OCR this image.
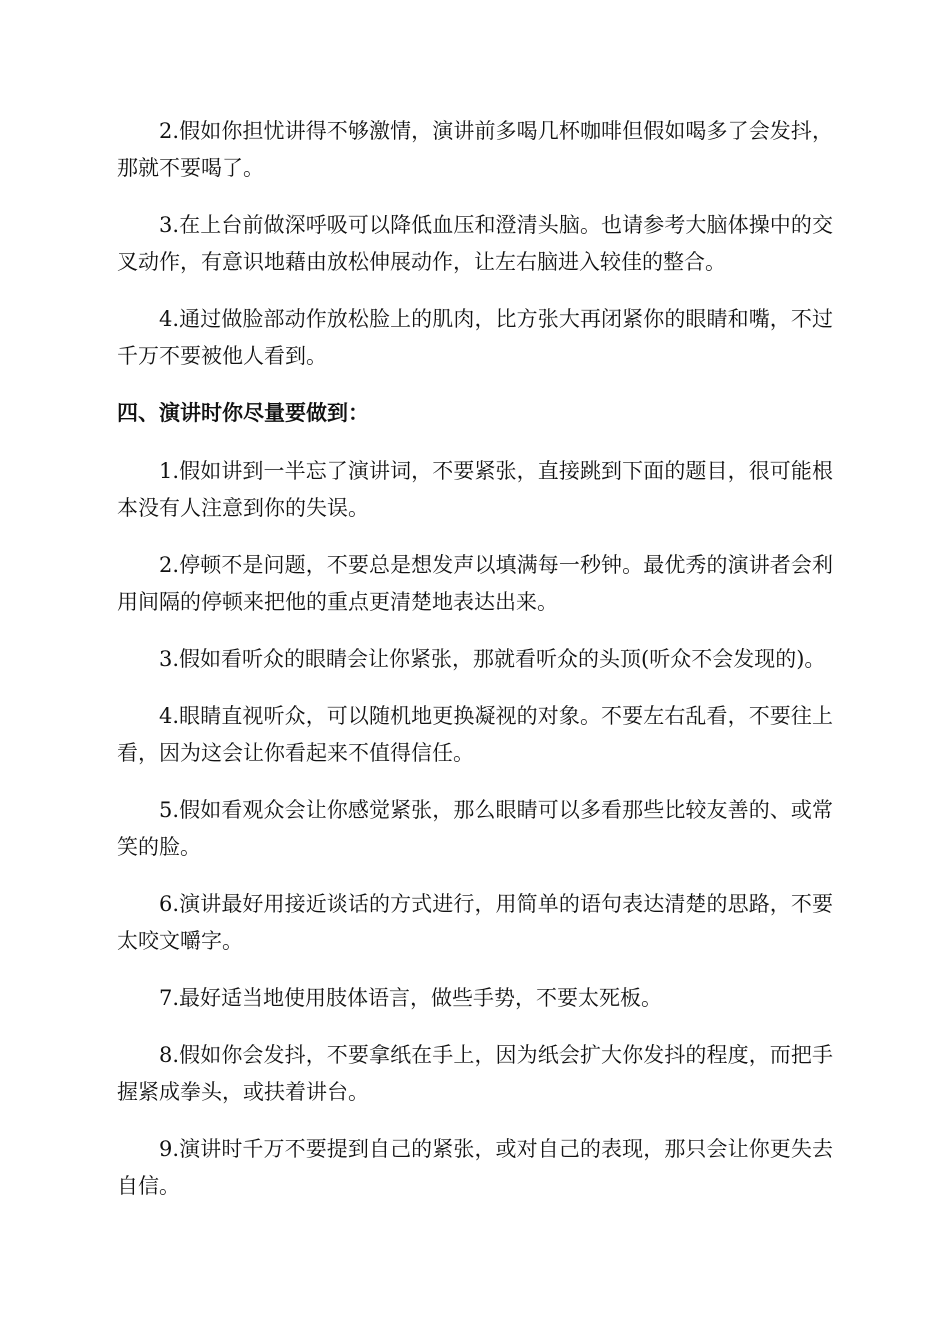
2.假如你担忧讲得不够激情，演讲前多喝几杯咖啡但假如喝多了会发抖，那就不要喝了。

3.在上台前做深呼吸可以降低血压和澄清头脑。也请参考大脑体操中的交叉动作，有意识地藉由放松伸展动作，让左右脑进入较佳的整合。

4.通过做脸部动作放松脸上的肌肉，比方张大再闭紧你的眼睛和嘴，不过千万不要被他人看到。

四、演讲时你尽量要做到：

1.假如讲到一半忘了演讲词，不要紧张，直接跳到下面的题目，很可能根本没有人注意到你的失误。

2.停顿不是问题，不要总是想发声以填满每一秒钟。最优秀的演讲者会利用间隔的停顿来把他的重点更清楚地表达出来。

3.假如看听众的眼睛会让你紧张，那就看听众的头顶(听众不会发现的)。

4.眼睛直视听众，可以随机地更换凝视的对象。不要左右乱看，不要往上看，因为这会让你看起来不值得信任。

5.假如看观众会让你感觉紧张，那么眼睛可以多看那些比较友善的、或常笑的脸。

6.演讲最好用接近谈话的方式进行，用简单的语句表达清楚的思路，不要太咬文嚼字。

7.最好适当地使用肢体语言，做些手势，不要太死板。

8.假如你会发抖，不要拿纸在手上，因为纸会扩大你发抖的程度，而把手握紧成拳头，或扶着讲台。

9.演讲时千万不要提到自己的紧张，或对自己的表现，那只会让你更失去自信。
